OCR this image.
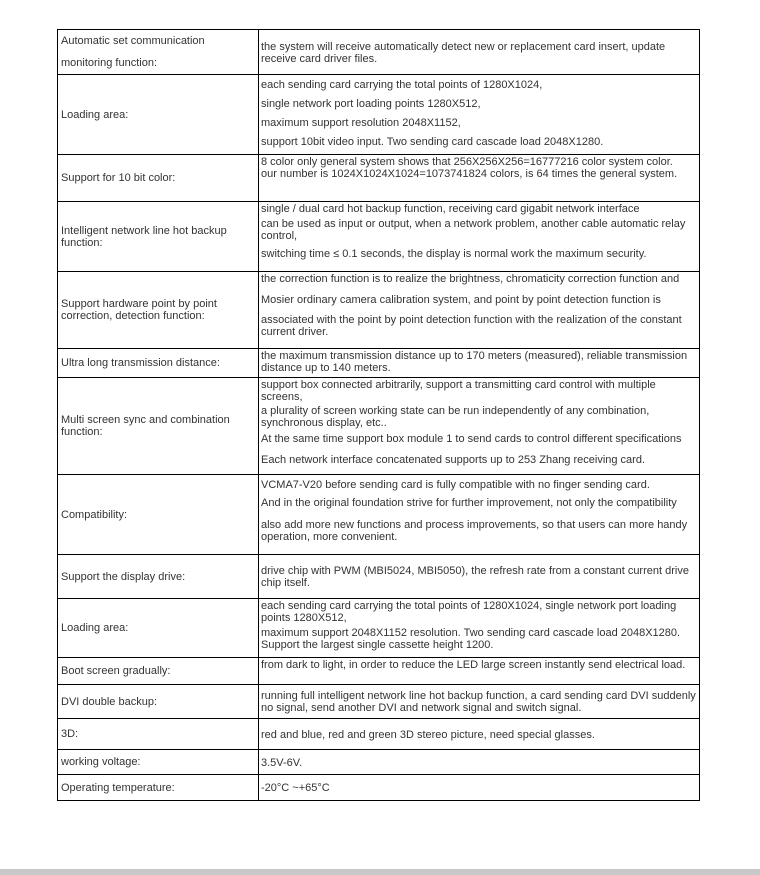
Automatic set communication monitoring function:	the system will receive automatically detect new or replacement card insert, update receive card driver files.

Loading area:	each sending card carrying the total points of 1280X1024,
single network port loading points 1280X512,
maximum support resolution 2048X1152,
support 10bit video input. Two sending card cascade load 2048X1280.

Support for 10 bit color:	8 color only general system shows that 256X256X256=16777216 color system color.
our number is 1024X1024X1024=1073741824 colors, is 64 times the general system.

Intelligent network line hot backup function:	single / dual card hot backup function, receiving card gigabit network interface
can be used as input or output, when a network problem, another cable automatic relay control,
switching time ≤ 0.1 seconds, the display is normal work the maximum security.

Support hardware point by point correction, detection function:	the correction function is to realize the brightness, chromaticity correction function and
Mosier ordinary camera calibration system, and point by point detection function is
associated with the point by point detection function with the realization of the constant current driver.

Ultra long transmission distance:	the maximum transmission distance up to 170 meters (measured), reliable transmission distance up to 140 meters.

Multi screen sync and combination function:	support box connected arbitrarily, support a transmitting card control with multiple screens,
a plurality of screen working state can be run independently of any combination, synchronous display, etc..
At the same time support box module 1 to send cards to control different specifications
Each network interface concatenated supports up to 253 Zhang receiving card.

Compatibility:	VCMA7-V20 before sending card is fully compatible with no finger sending card.
And in the original foundation strive for further improvement, not only the compatibility
also add more new functions and process improvements, so that users can more handy operation, more convenient.

Support the display drive:	drive chip with PWM (MBI5024, MBI5050), the refresh rate from a constant current drive chip itself.

Loading area:	each sending card carrying the total points of 1280X1024, single network port loading points 1280X512,
maximum support 2048X1152 resolution. Two sending card cascade load 2048X1280. Support the largest single cassette height 1200.

Boot screen gradually:	from dark to light, in order to reduce the LED large screen instantly send electrical load.

DVI double backup:	running full intelligent network line hot backup function, a card sending card DVI suddenly no signal, send another DVI and network signal and switch signal.

3D:	red and blue, red and green 3D stereo picture, need special glasses.

working voltage:	3.5V-6V.

Operating temperature:	-20°C ~+65°C
